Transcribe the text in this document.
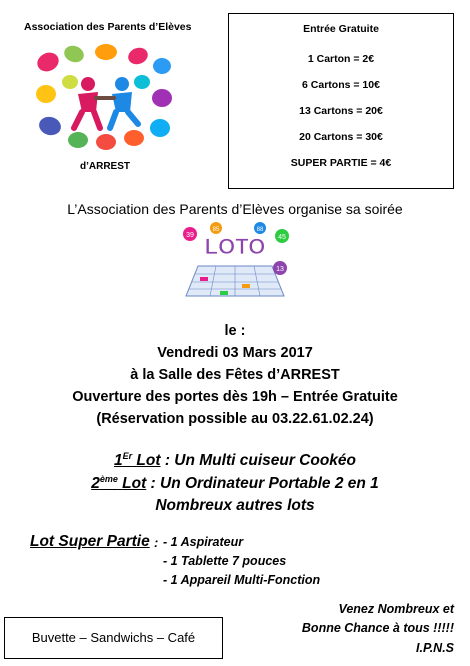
Association des Parents d’Elèves
d’ARREST
Entrée Gratuite
1 Carton = 2€
6 Cartons = 10€
13 Cartons = 20€
20 Cartons = 30€
SUPER PARTIE = 4€
L’Association des Parents d’Elèves organise sa soirée
LOTO
39
85	88
45
13
le :
Vendredi 03 Mars 2017
à la Salle des Fêtes d’ARREST
Ouverture des portes dès 19h – Entrée Gratuite
(Réservation possible au 03.22.61.02.24)
1Er Lot : Un Multi cuiseur Cookéo
2ème Lot : Un Ordinateur Portable 2 en 1
Nombreux autres lots
Lot Super Partie : - 1 Aspirateur
- 1 Tablette 7 pouces
- 1 Appareil Multi-Fonction
Buvette – Sandwichs – Café
Venez Nombreux et
Bonne Chance à tous !!!!!
I.P.N.S
